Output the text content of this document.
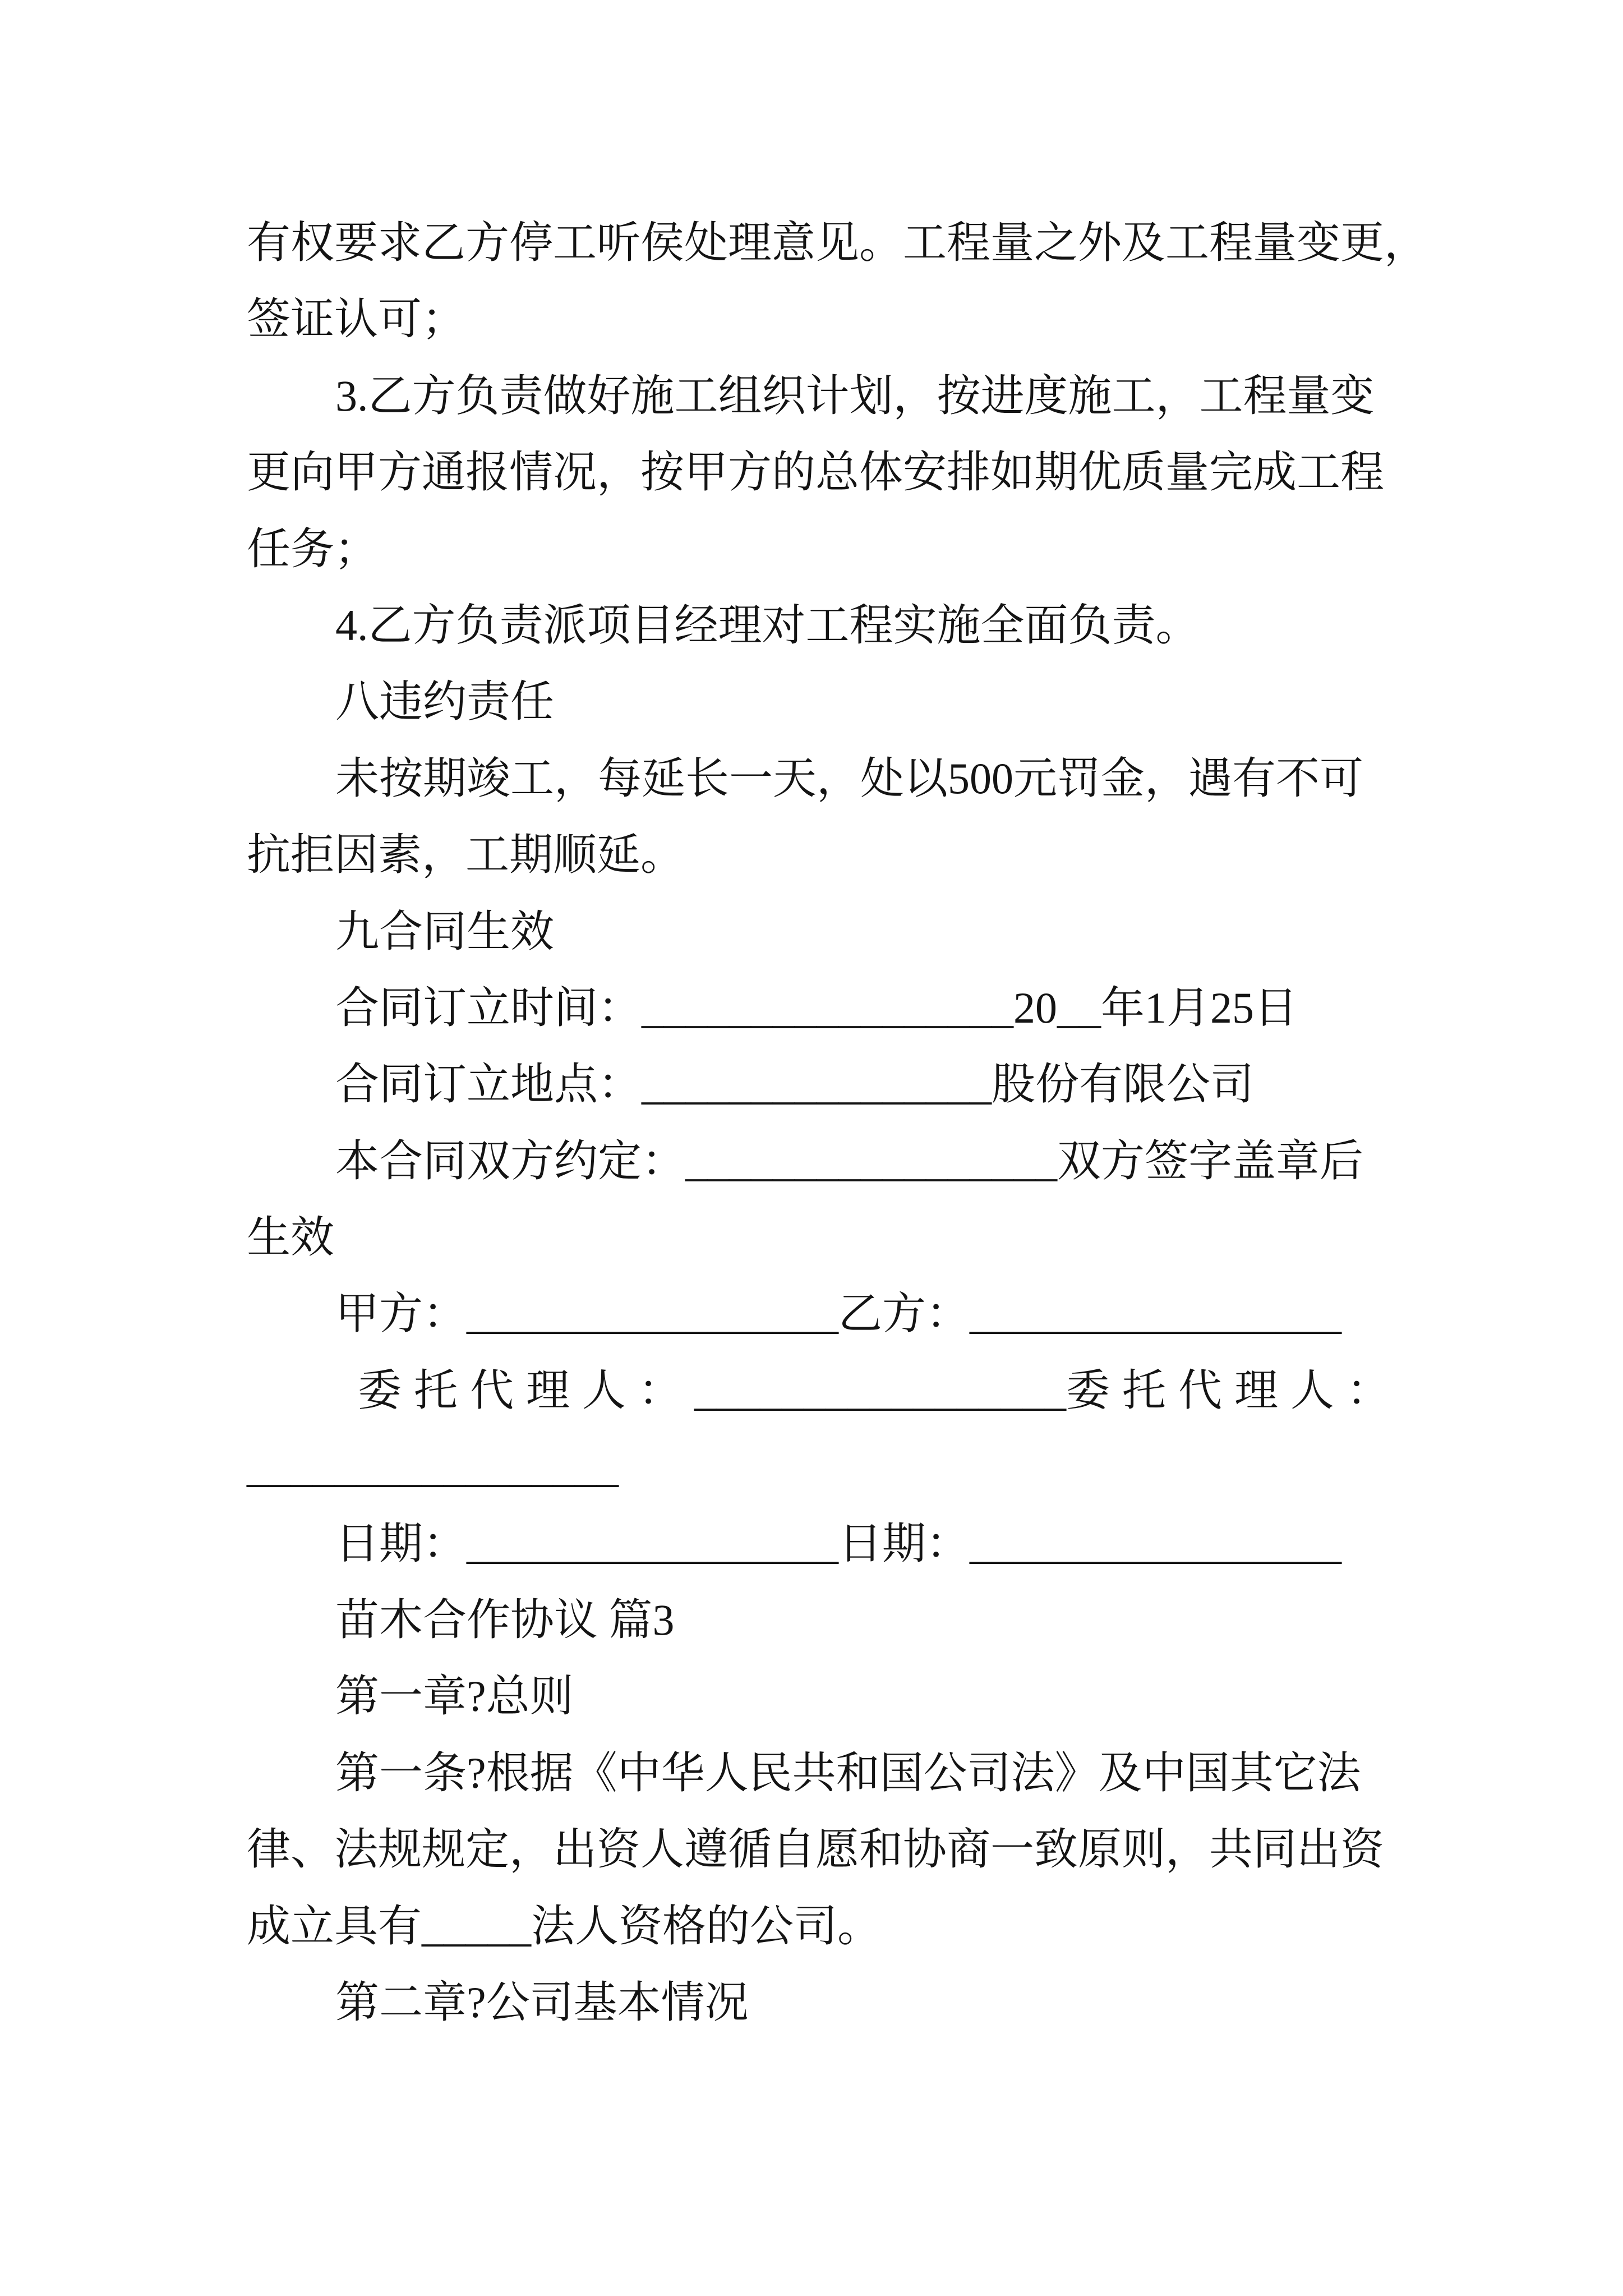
有权要求乙方停工听侯处理意见。工程量之外及工程量变更，
签证认可；
3.乙方负责做好施工组织计划，按进度施工，工程量变
更向甲方通报情况，按甲方的总体安排如期优质量完成工程
任务；
4.乙方负责派项目经理对工程实施全面负责。
八违约责任
未按期竣工，每延长一天，处以500元罚金，遇有不可
抗拒因素，工期顺延。
九合同生效
合同订立时间：_________________20__年1月25日
合同订立地点：________________股份有限公司
本合同双方约定：_________________双方签字盖章后
生效
甲方：_________________乙方：_________________
委托代理人：_________________委托代理人：
_________________
日期：_________________日期：_________________
苗木合作协议 篇3
第一章?总则
第一条?根据《中华人民共和国公司法》及中国其它法
律、法规规定，出资人遵循自愿和协商一致原则，共同出资
成立具有_____法人资格的公司。
第二章?公司基本情况
